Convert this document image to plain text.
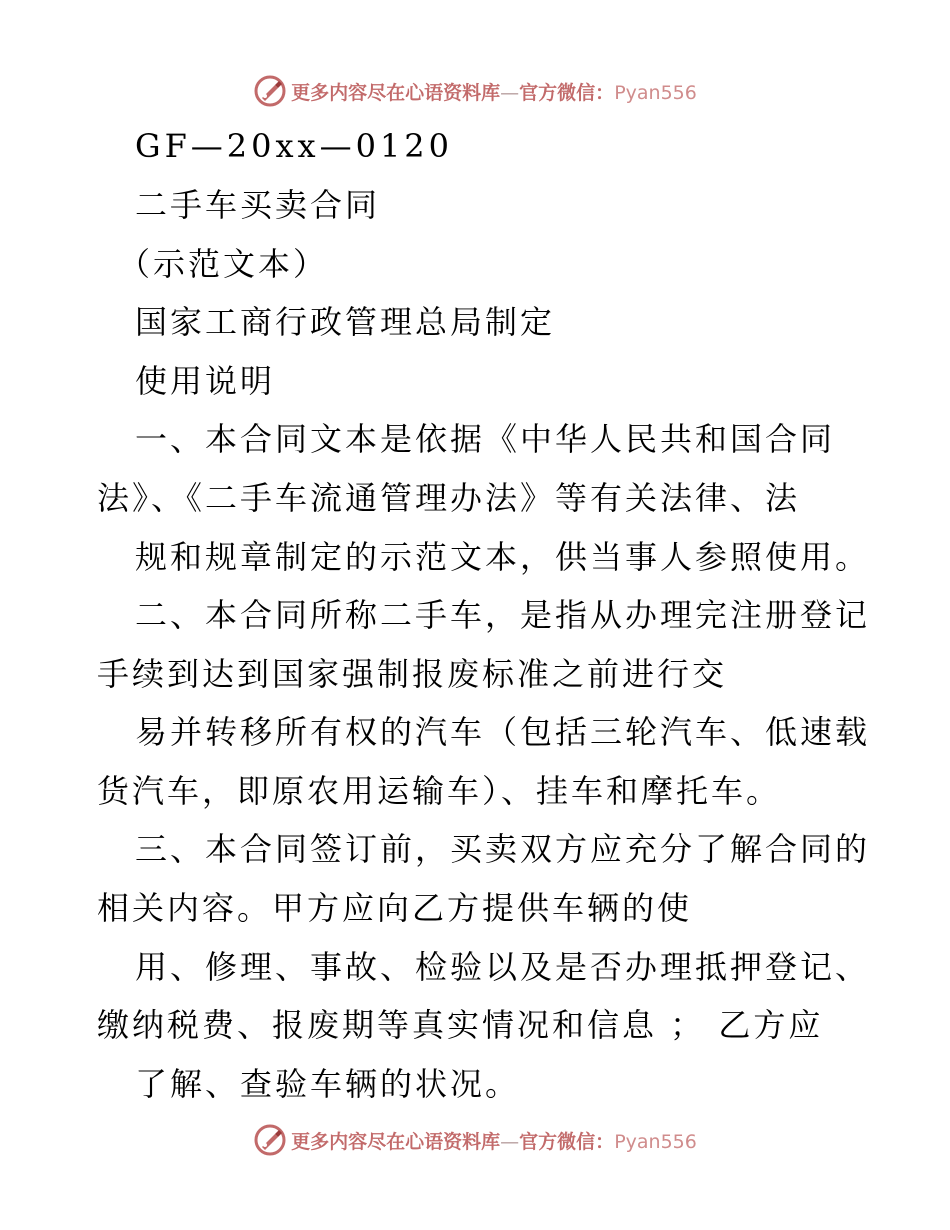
更多内容尽在心语资料库—官方微信：Pyan556
GF—20xx—0120
二手车买卖合同
（示范文本）
国家工商行政管理总局制定
使用说明
一、本合同文本是依据《中华人民共和国合同
法》、《二手车流通管理办法》等有关法律、法
规和规章制定的示范文本，供当事人参照使用。
二、本合同所称二手车，是指从办理完注册登记
手续到达到国家强制报废标准之前进行交
易并转移所有权的汽车（包括三轮汽车、低速载
货汽车，即原农用运输车）、挂车和摩托车。
三、本合同签订前，买卖双方应充分了解合同的
相关内容。甲方应向乙方提供车辆的使
用、修理、事故、检验以及是否办理抵押登记、
缴纳税费、报废期等真实情况和信息 ； 乙方应
了解、查验车辆的状况。
更多内容尽在心语资料库—官方微信：Pyan556
